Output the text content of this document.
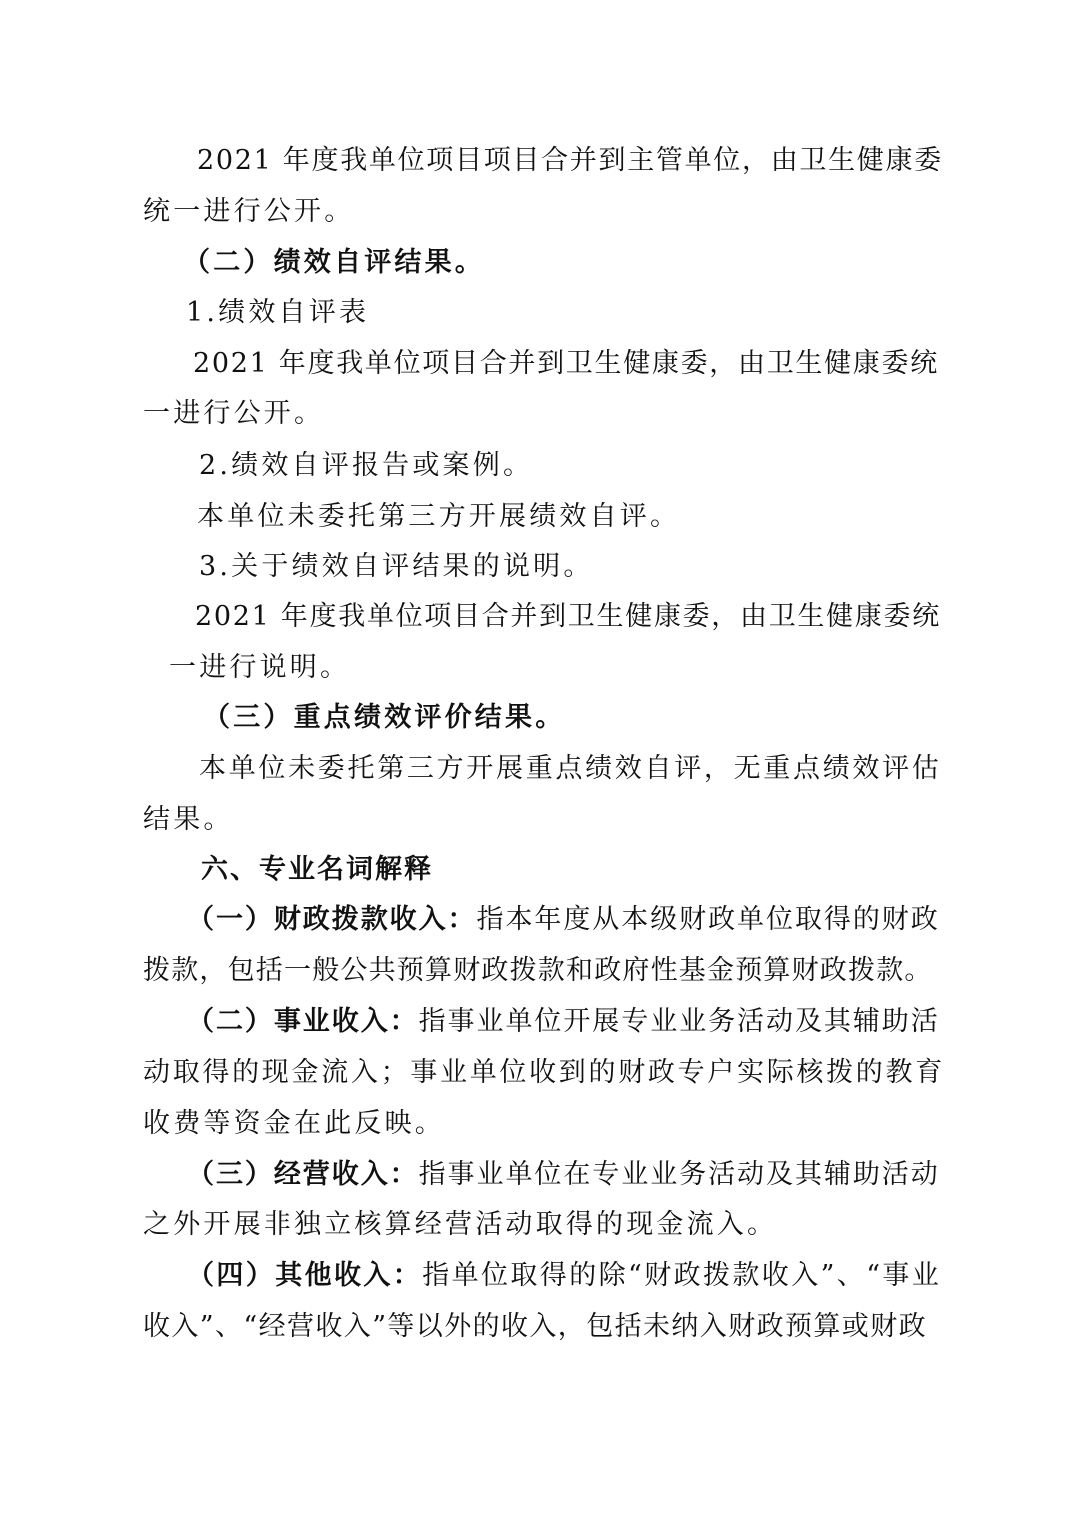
2021 年度我单位项目项目合并到主管单位，由卫生健康委
统一进行公开。
（二）绩效自评结果。
1.绩效自评表
2021 年度我单位项目合并到卫生健康委，由卫生健康委统
一进行公开。
2.绩效自评报告或案例。
本单位未委托第三方开展绩效自评。
3.关于绩效自评结果的说明。
2021 年度我单位项目合并到卫生健康委，由卫生健康委统
一进行说明。
（三）重点绩效评价结果。
本单位未委托第三方开展重点绩效自评，无重点绩效评估
结果。
六、专业名词解释
（一）财政拨款收入：指本年度从本级财政单位取得的财政
拨款，包括一般公共预算财政拨款和政府性基金预算财政拨款。
（二）事业收入：指事业单位开展专业业务活动及其辅助活
动取得的现金流入；事业单位收到的财政专户实际核拨的教育
收费等资金在此反映。
（三）经营收入：指事业单位在专业业务活动及其辅助活动
之外开展非独立核算经营活动取得的现金流入。
（四）其他收入：指单位取得的除“财政拨款收入”、“事业
收入”、“经营收入”等以外的收入，包括未纳入财政预算或财政
